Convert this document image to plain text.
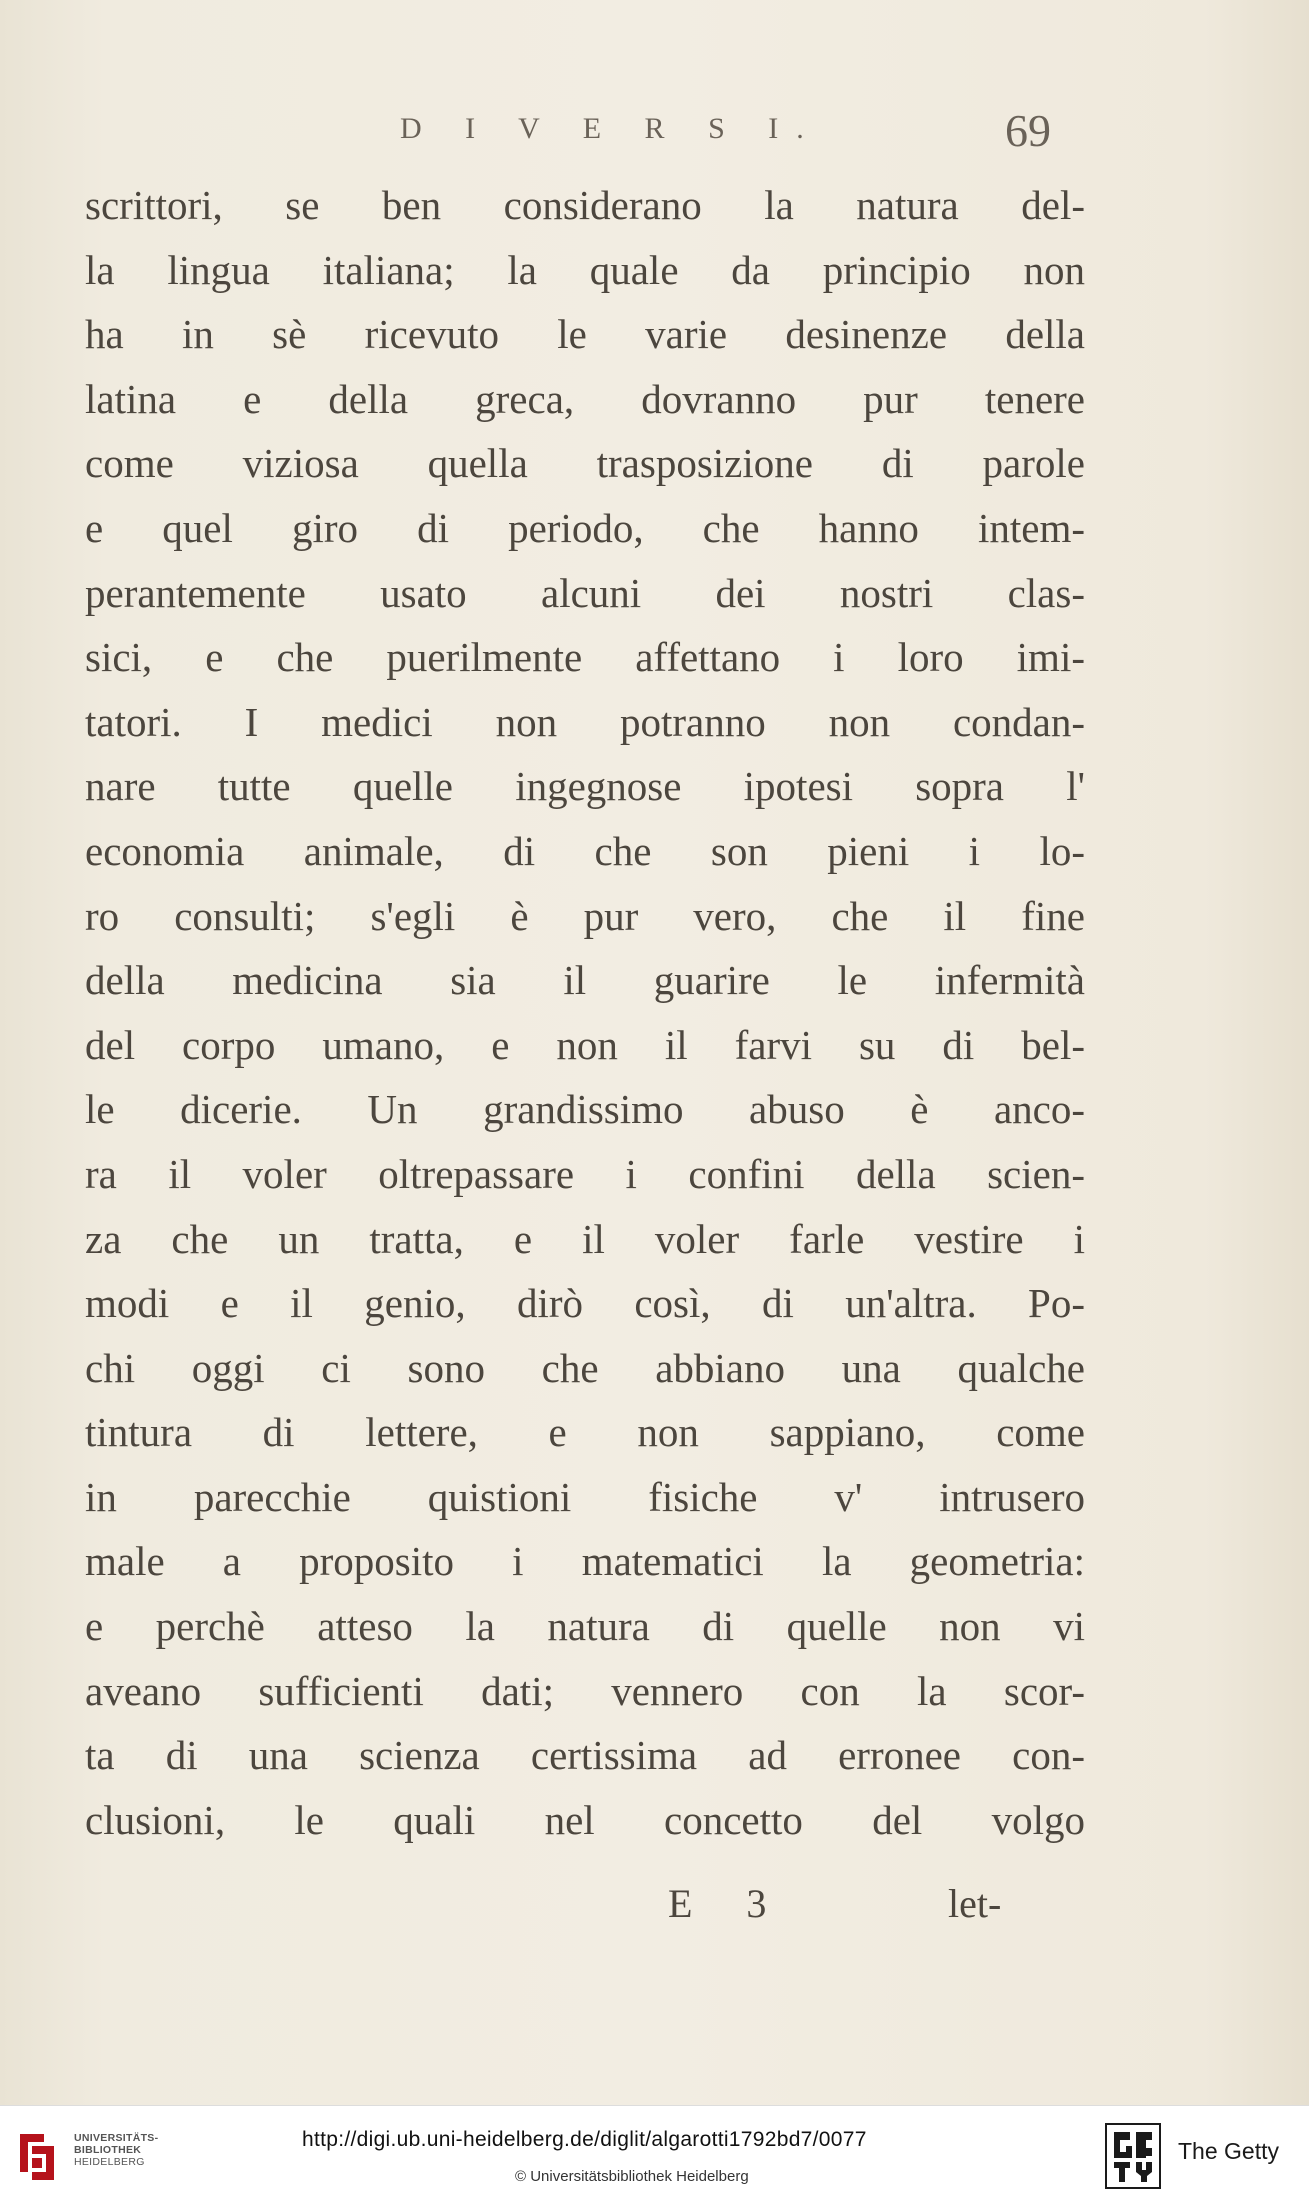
D I V E R S I.	69
scrittori, se ben considerano la natura del-
la lingua italiana; la quale da principio non
ha in sè ricevuto le varie desinenze della
latina e della greca, dovranno pur tenere
come viziosa quella trasposizione di parole
e quel giro di periodo, che hanno intem-
perantemente usato alcuni dei nostri clas-
sici, e che puerilmente affettano i loro imi-
tatori. I medici non potranno non condan-
nare tutte quelle ingegnose ipotesi sopra l'
economia animale, di che son pieni i lo-
ro consulti; s'egli è pur vero, che il fine
della medicina sia il guarire le infermità
del corpo umano, e non il farvi su di bel-
le dicerie. Un grandissimo abuso è anco-
ra il voler oltrepassare i confini della scien-
za che un tratta, e il voler farle vestire i
modi e il genio, dirò così, di un'altra. Po-
chi oggi ci sono che abbiano una qualche
tintura di lettere, e non sappiano, come
in parecchie quistioni fisiche v' intrusero
male a proposito i matematici la geometria:
e perchè atteso la natura di quelle non vi
aveano sufficienti dati; vennero con la scor-
ta di una scienza certissima ad erronee con-
clusioni, le quali nel concetto del volgo
E 3	let-
UNIVERSITÄTS-
BIBLIOTHEK
HEIDELBERG
http://digi.ub.uni-heidelberg.de/diglit/algarotti1792bd7/0077
© Universitätsbibliothek Heidelberg
The Getty
